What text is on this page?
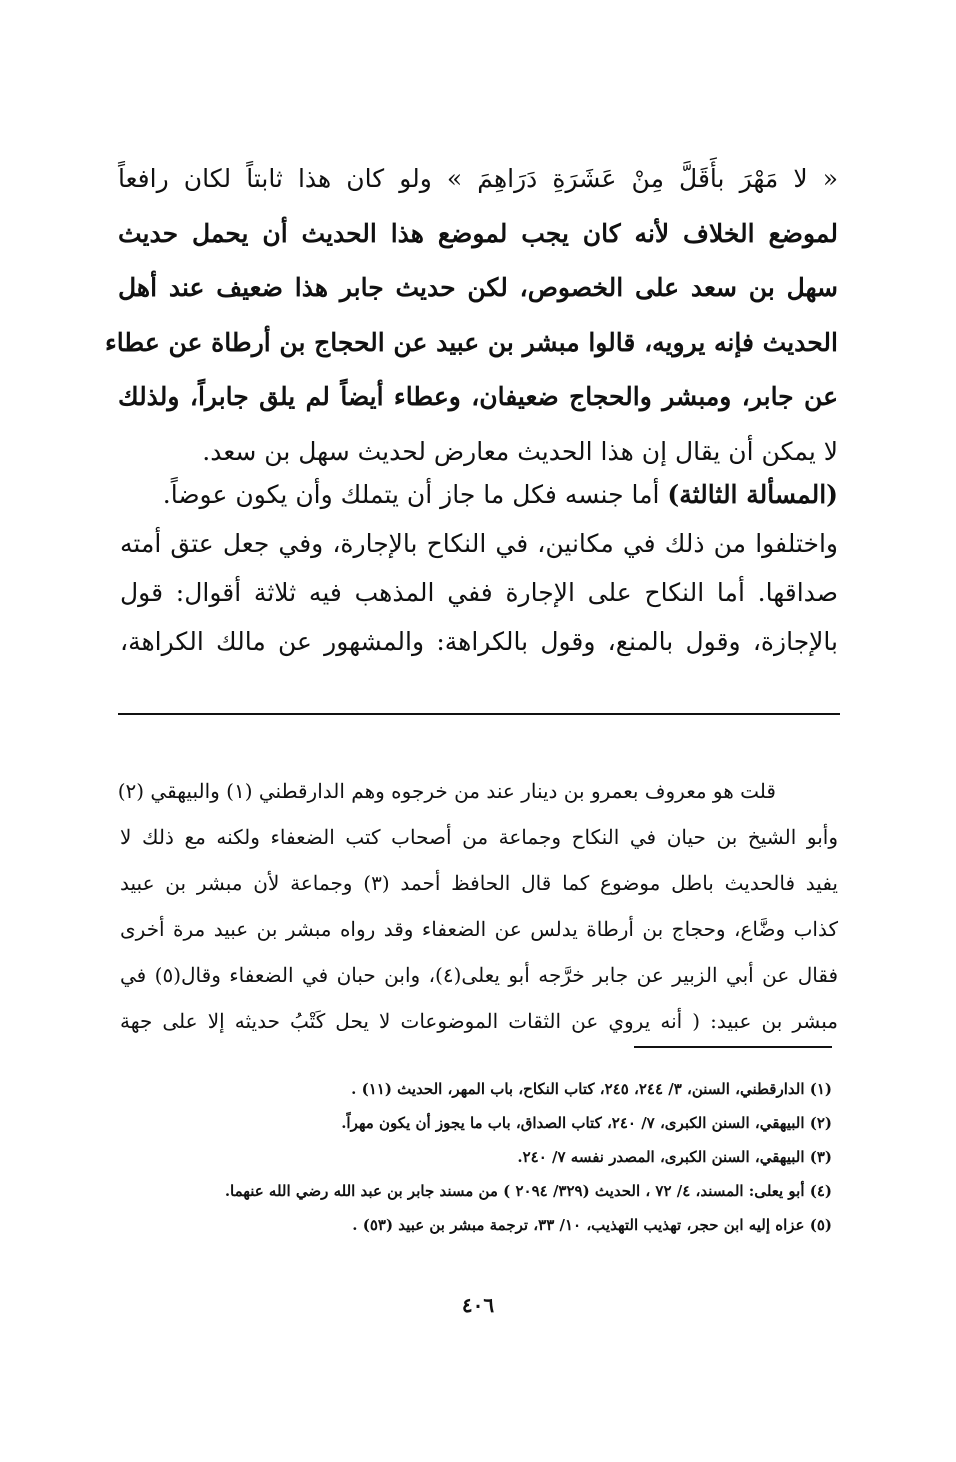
« لا مَهْرَ بأَقَلَّ مِنْ عَشَرَةِ دَرَاهِمَ » ولو كان هذا ثابتاً لكان رافعاً
لموضع الخلاف لأنه كان يجب لموضع هذا الحديث أن يحمل حديث
سهل بن سعد على الخصوص، لكن حديث جابر هذا ضعيف عند أهل
الحديث فإنه يرويه، قالوا مبشر بن عبيد عن الحجاج بن أرطاة عن عطاء
عن جابر، ومبشر والحجاج ضعيفان، وعطاء أيضاً لم يلق جابراً، ولذلك
لا يمكن أن يقال إن هذا الحديث معارض لحديث سهل بن سعد.
(المسألة الثالثة) أما جنسه فكل ما جاز أن يتملك وأن يكون عوضاً.
واختلفوا من ذلك في مكانين، في النكاح بالإجارة، وفي جعل عتق أمته
صداقها. أما النكاح على الإجارة ففي المذهب فيه ثلاثة أقوال: قول
بالإجازة، وقول بالمنع، وقول بالكراهة: والمشهور عن مالك الكراهة،
قلت هو معروف بعمرو بن دينار عند من خرجوه وهم الدارقطني (١) والبيهقي (٢)
وأبو الشيخ بن حيان في النكاح وجماعة من أصحاب كتب الضعفاء ولكنه مع ذلك لا
يفيد فالحديث باطل موضوع كما قال الحافظ أحمد (٣) وجماعة لأن مبشر بن عبيد
كذاب وضَّاع، وحجاج بن أرطاة يدلس عن الضعفاء وقد رواه مبشر بن عبيد مرة أخرى
فقال عن أبي الزبير عن جابر خرَّجه أبو يعلى(٤)، وابن حبان في الضعفاء وقال(٥) في
مبشر بن عبيد: ( أنه يروي عن الثقات الموضوعات لا يحل كَتْبُ حديثه إلا على جهة
(١) الدارقطني، السنن، ٣/ ٢٤٤، ٢٤٥، كتاب النكاح، باب المهر، الحديث (١١) .
(٢) البيهقي، السنن الكبرى، ٧/ ٢٤٠، كتاب الصداق، باب ما يجوز أن يكون مهراً.
(٣) البيهقي، السنن الكبرى، المصدر نفسه ٧/ ٢٤٠.
(٤) أبو يعلى: المسند، ٤/ ٧٢ ، الحديث (٣٢٩/ ٢٠٩٤ ) من مسند جابر بن عبد الله رضي الله عنهما.
(٥) عزاه إليه ابن حجر، تهذيب التهذيب، ١٠/ ٣٣، ترجمة مبشر بن عبيد (٥٣) .
٤٠٦
